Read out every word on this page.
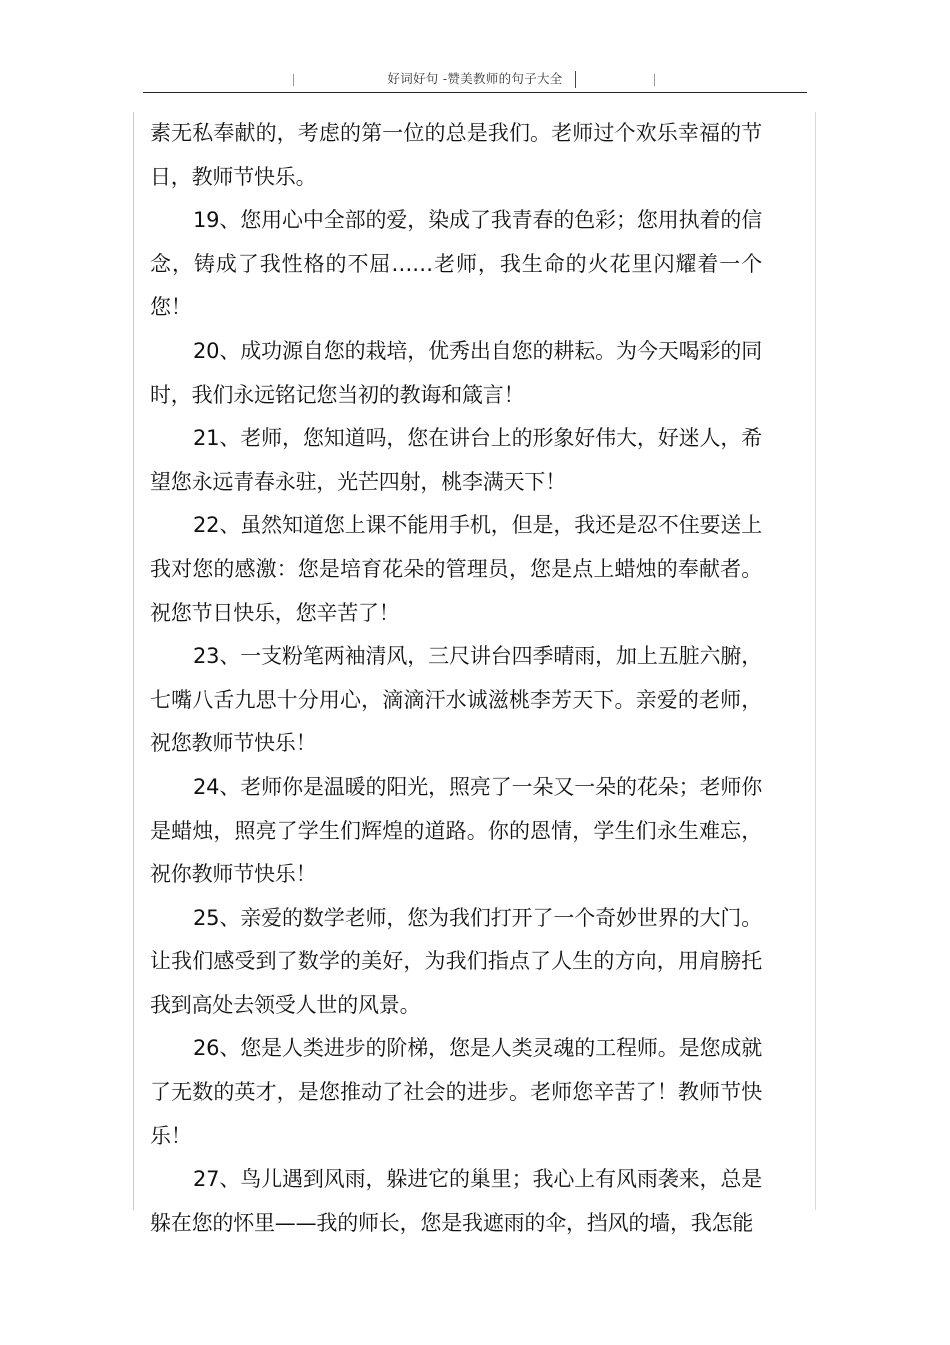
好词好句 -赞美教师的句子大全

素无私奉献的，考虑的第一位的总是我们。老师过个欢乐幸福的节日，教师节快乐。

19、您用心中全部的爱，染成了我青春的色彩；您用执着的信念，铸成了我性格的不屈……老师，我生命的火花里闪耀着一个您！

20、成功源自您的栽培，优秀出自您的耕耘。为今天喝彩的同时，我们永远铭记您当初的教诲和箴言！

21、老师，您知道吗，您在讲台上的形象好伟大，好迷人，希望您永远青春永驻，光芒四射，桃李满天下！

22、虽然知道您上课不能用手机，但是，我还是忍不住要送上我对您的感激：您是培育花朵的管理员，您是点上蜡烛的奉献者。祝您节日快乐，您辛苦了！

23、一支粉笔两袖清风，三尺讲台四季晴雨，加上五脏六腑，七嘴八舌九思十分用心，滴滴汗水诚滋桃李芳天下。亲爱的老师，祝您教师节快乐！

24、老师你是温暖的阳光，照亮了一朵又一朵的花朵；老师你是蜡烛，照亮了学生们辉煌的道路。你的恩情，学生们永生难忘，祝你教师节快乐！

25、亲爱的数学老师，您为我们打开了一个奇妙世界的大门。让我们感受到了数学的美好，为我们指点了人生的方向，用肩膀托我到高处去领受人世的风景。

26、您是人类进步的阶梯，您是人类灵魂的工程师。是您成就了无数的英才，是您推动了社会的进步。老师您辛苦了！教师节快乐！

27、鸟儿遇到风雨，躲进它的巢里；我心上有风雨袭来，总是躲在您的怀里——我的师长，您是我遮雨的伞，挡风的墙，我怎能
